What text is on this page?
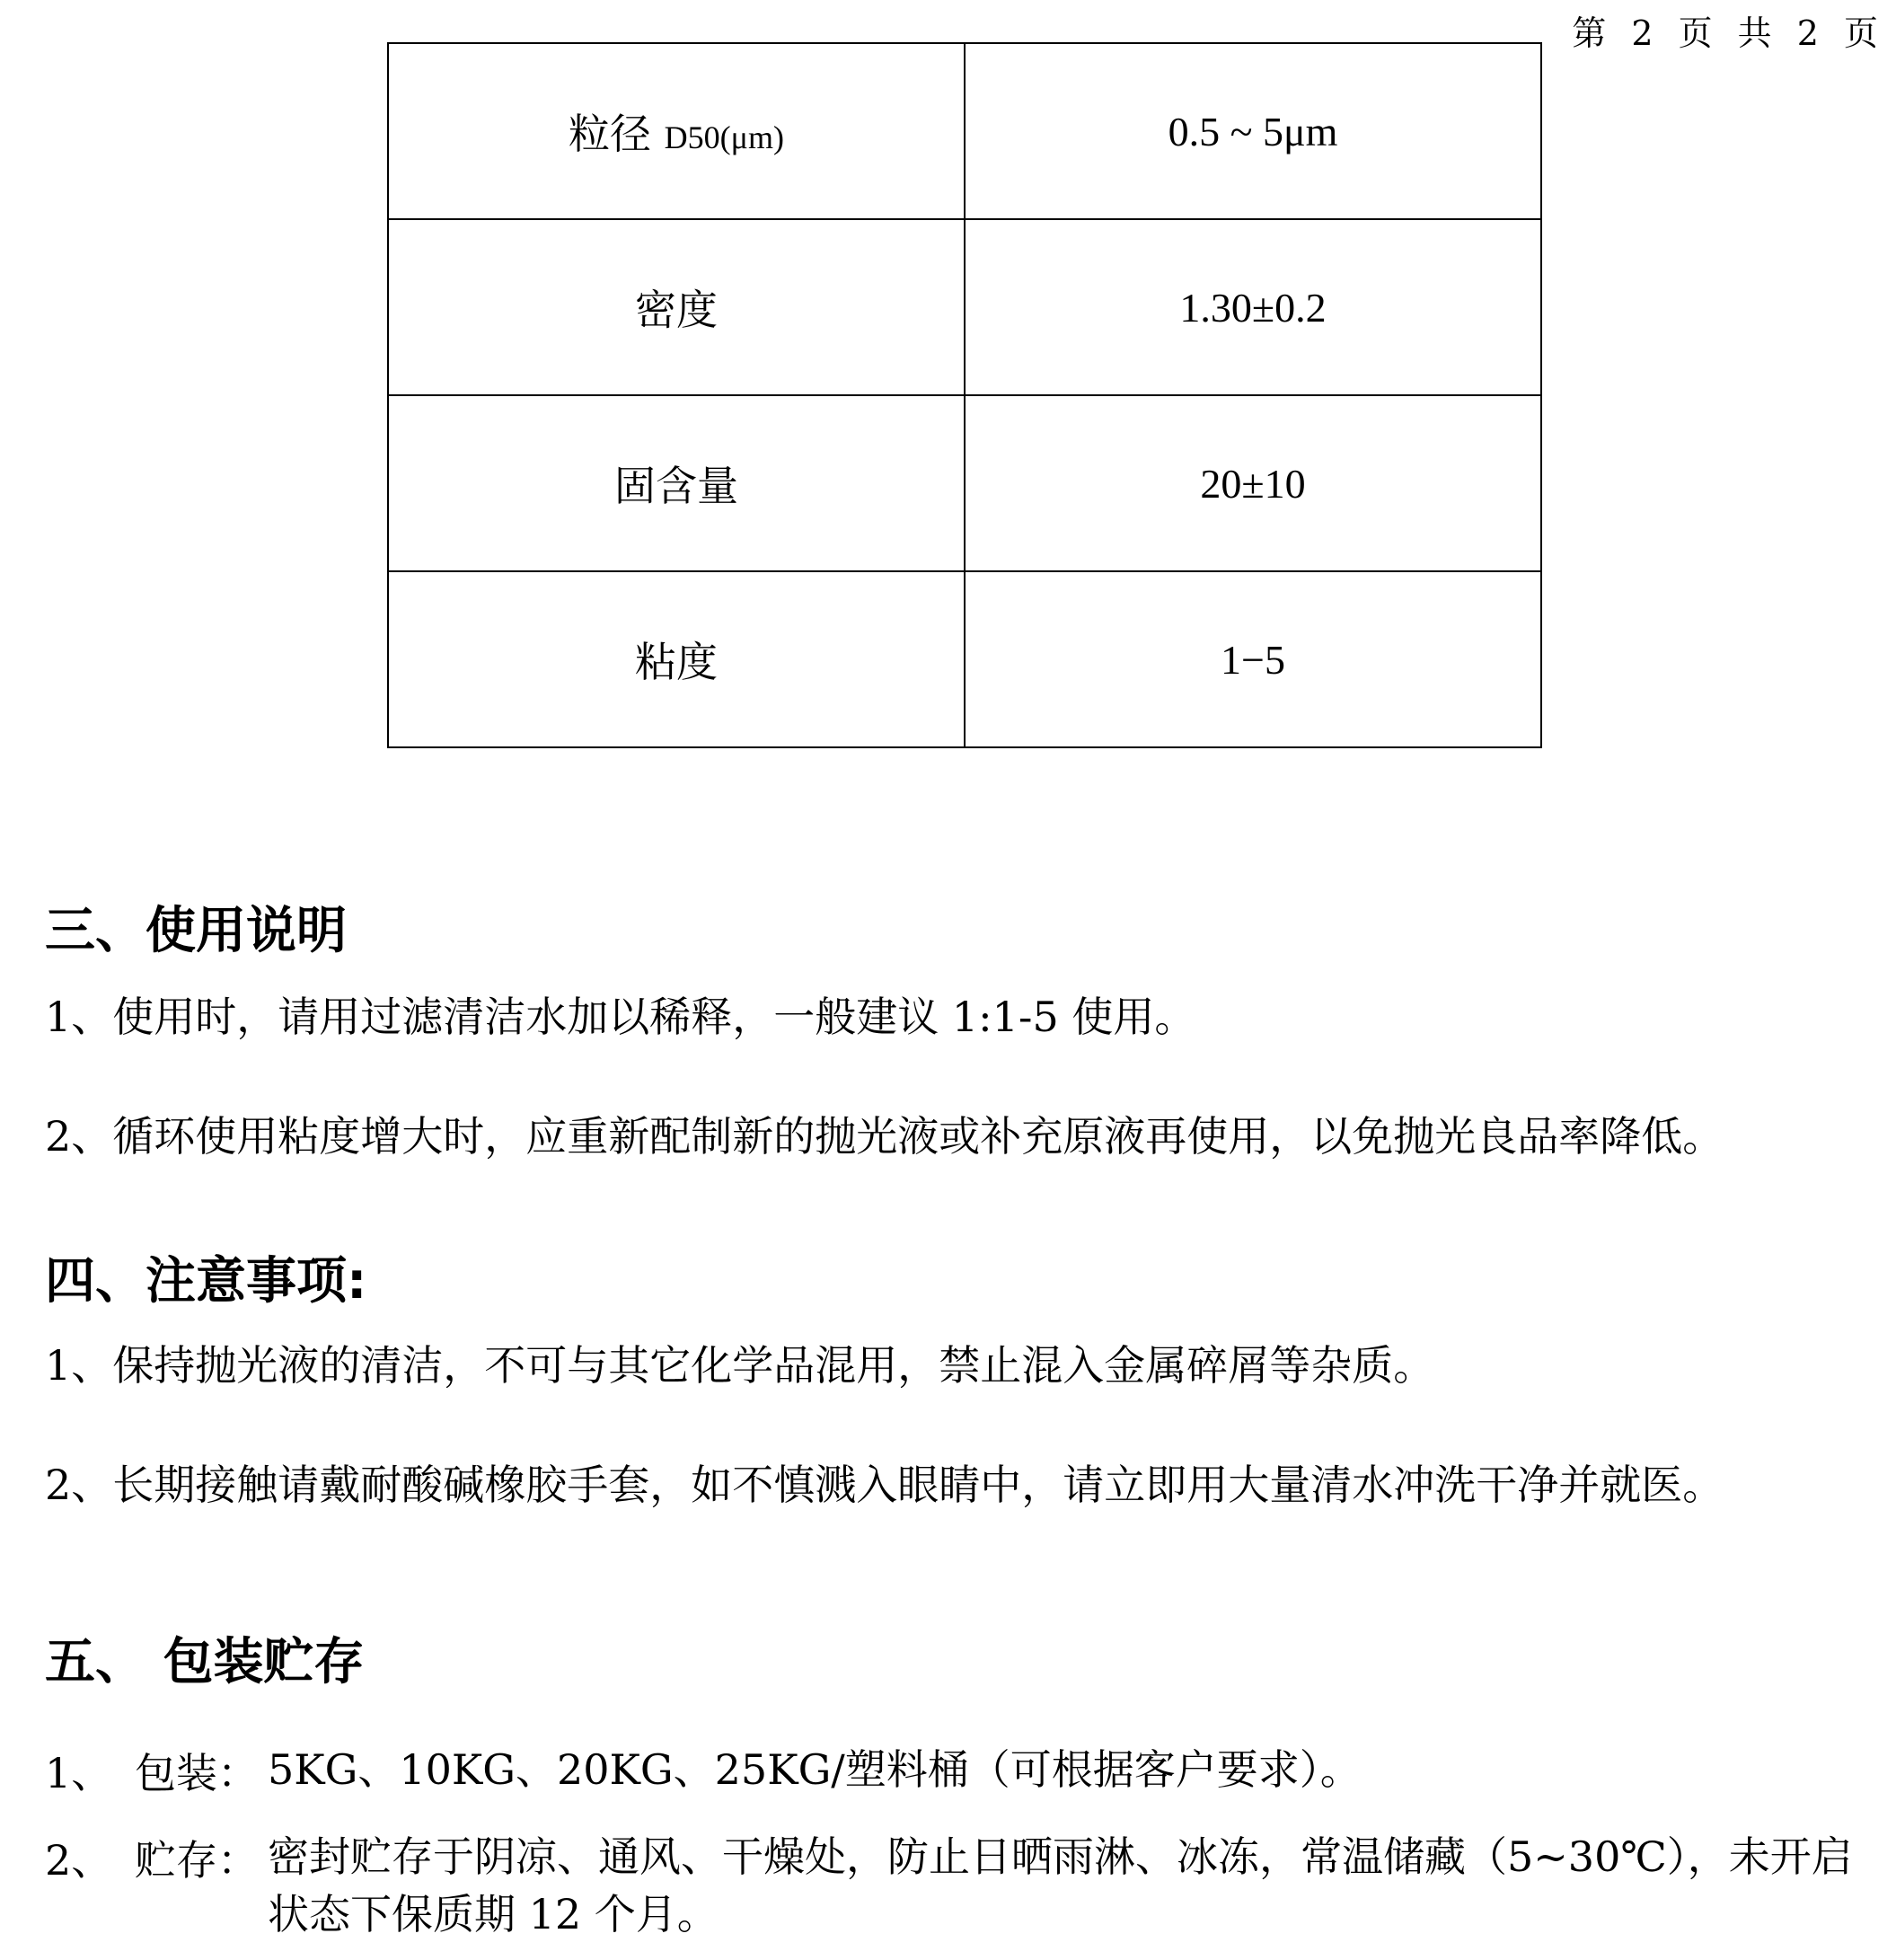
第 2 页 共 2 页
粒径 D50(μm)	0.5 ~ 5μm
密度	1.30±0.2
固含量	20±10
粘度	1−5
三、使用说明

1、使用时，请用过滤清洁水加以稀释，一般建议 1:1-5 使用。

2、循环使用粘度增大时，应重新配制新的抛光液或补充原液再使用，以免抛光良品率降低。

四、注意事项:

1、保持抛光液的清洁，不可与其它化学品混用，禁止混入金属碎屑等杂质。

2、长期接触请戴耐酸碱橡胶手套，如不慎溅入眼睛中，请立即用大量清水冲洗干净并就医。

五、 包装贮存
1、 包装： 5KG、10KG、20KG、25KG/塑料桶（可根据客户要求）。
2、 贮存： 密封贮存于阴凉、通风、干燥处，防止日晒雨淋、冰冻，常温储藏（5~30℃），未开启状态下保质期 12 个月。
